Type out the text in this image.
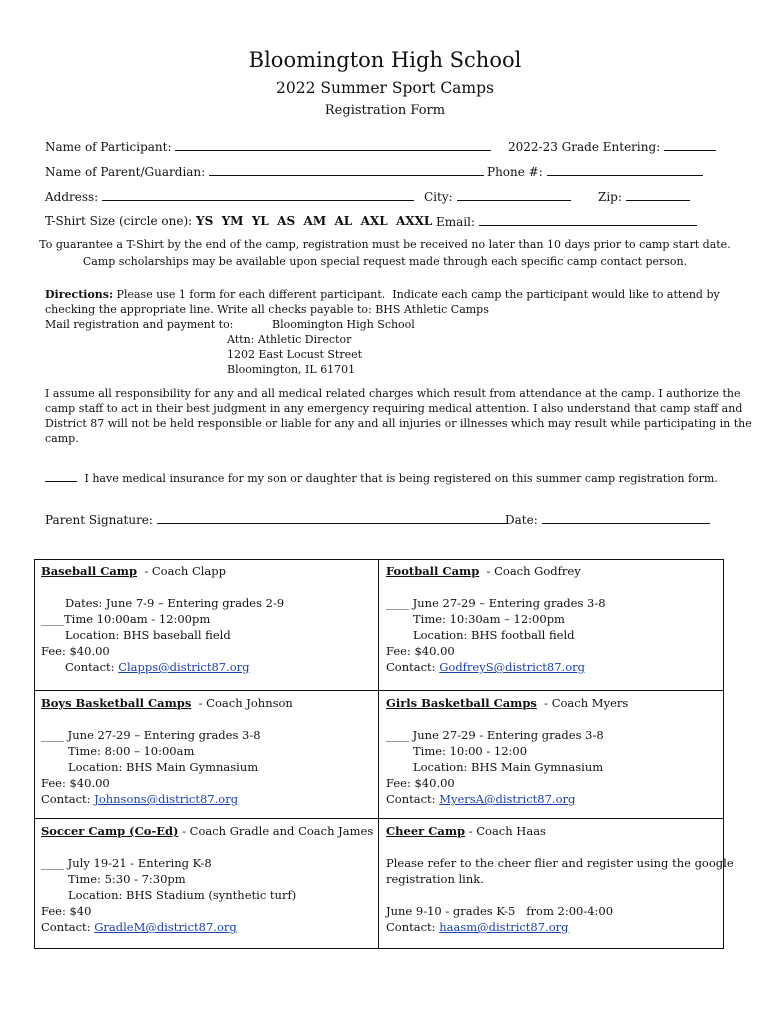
Bloomington High School
2022 Summer Sport Camps
Registration Form
Name of Participant:	2022-23 Grade Entering:
Name of Parent/Guardian:	Phone #:
Address:	City:	Zip:
T-Shirt Size (circle one): YS  YM  YL  AS  AM  AL  AXL  AXXL Email:
To guarantee a T-Shirt by the end of the camp, registration must be received no later than 10 days prior to camp start date.
Camp scholarships may be available upon special request made through each specific camp contact person.
Directions: Please use 1 form for each different participant.  Indicate each camp the participant would like to attend by
checking the appropriate line. Write all checks payable to: BHS Athletic Camps
Mail registration and payment to:	Bloomington High School
Attn: Athletic Director
1202 East Locust Street
Bloomington, IL 61701
I assume all responsibility for any and all medical related charges which result from attendance at the camp. I authorize the
camp staff to act in their best judgment in any emergency requiring medical attention. I also understand that camp staff and
District 87 will not be held responsible or liable for any and all injuries or illnesses which may result while participating in the
camp.
I have medical insurance for my son or daughter that is being registered on this summer camp registration form.
Parent Signature:	Date:
Baseball Camp  - Coach Clapp
Dates: June 7-9 – Entering grades 2-9
____Time 10:00am - 12:00pm
Location: BHS baseball field
Fee: $40.00
Contact: Clapps@district87.org
Football Camp  - Coach Godfrey
____ June 27-29 – Entering grades 3-8
Time: 10:30am – 12:00pm
Location: BHS football field
Fee: $40.00
Contact: GodfreyS@district87.org
Boys Basketball Camps  - Coach Johnson
____ June 27-29 – Entering grades 3-8
Time: 8:00 – 10:00am
Location: BHS Main Gymnasium
Fee: $40.00
Contact: Johnsons@district87.org
Girls Basketball Camps  - Coach Myers
____ June 27-29 - Entering grades 3-8
Time: 10:00 - 12:00
Location: BHS Main Gymnasium
Fee: $40.00
Contact: MyersA@district87.org
Soccer Camp (Co-Ed) - Coach Gradle and Coach James
____ July 19-21 - Entering K-8
Time: 5:30 - 7:30pm
Location: BHS Stadium (synthetic turf)
Fee: $40
Contact: GradleM@district87.org
Cheer Camp - Coach Haas
Please refer to the cheer flier and register using the google
registration link.
June 9-10 - grades K-5   from 2:00-4:00
Contact: haasm@district87.org
